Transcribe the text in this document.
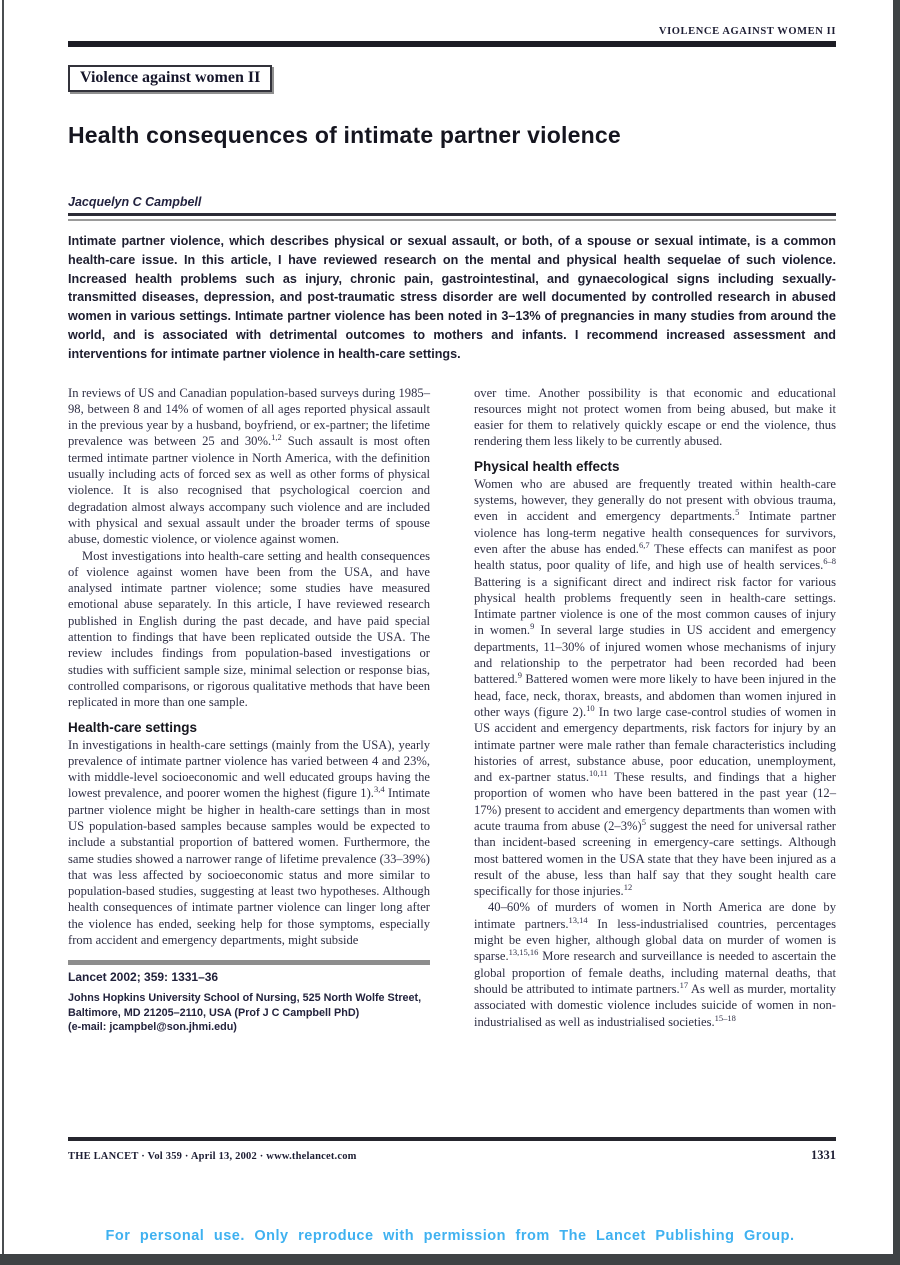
VIOLENCE AGAINST WOMEN II
Violence against women II
Health consequences of intimate partner violence
Jacquelyn C Campbell
Intimate partner violence, which describes physical or sexual assault, or both, of a spouse or sexual intimate, is a common health-care issue. In this article, I have reviewed research on the mental and physical health sequelae of such violence. Increased health problems such as injury, chronic pain, gastrointestinal, and gynaecological signs including sexually-transmitted diseases, depression, and post-traumatic stress disorder are well documented by controlled research in abused women in various settings. Intimate partner violence has been noted in 3–13% of pregnancies in many studies from around the world, and is associated with detrimental outcomes to mothers and infants. I recommend increased assessment and interventions for intimate partner violence in health-care settings.

In reviews of US and Canadian population-based surveys during 1985–98, between 8 and 14% of women of all ages reported physical assault in the previous year by a husband, boyfriend, or ex-partner; the lifetime prevalence was between 25 and 30%.$^{1,2}$ Such assault is most often termed intimate partner violence in North America, with the definition usually including acts of forced sex as well as other forms of physical violence. It is also recognised that psychological coercion and degradation almost always accompany such violence and are included with physical and sexual assault under the broader terms of spouse abuse, domestic violence, or violence against women.

Most investigations into health-care setting and health consequences of violence against women have been from the USA, and have analysed intimate partner violence; some studies have measured emotional abuse separately. In this article, I have reviewed research published in English during the past decade, and have paid special attention to findings that have been replicated outside the USA. The review includes findings from population-based investigations or studies with sufficient sample size, minimal selection or response bias, controlled comparisons, or rigorous qualitative methods that have been replicated in more than one sample.

Health-care settings

In investigations in health-care settings (mainly from the USA), yearly prevalence of intimate partner violence has varied between 4 and 23%, with middle-level socioeconomic and well educated groups having the lowest prevalence, and poorer women the highest (figure 1).$^{3,4}$ Intimate partner violence might be higher in health-care settings than in most US population-based samples because samples would be expected to include a substantial proportion of battered women. Furthermore, the same studies showed a narrower range of lifetime prevalence (33–39%) that was less affected by socioeconomic status and more similar to population-based studies, suggesting at least two hypotheses. Although health consequences of intimate partner violence can linger long after the violence has ended, seeking help for those symptoms, especially from accident and emergency departments, might subside

Lancet 2002; 359: 1331–36
Johns Hopkins University School of Nursing, 525 North Wolfe Street, Baltimore, MD 21205–2110, USA (Prof J C Campbell PhD)
(e-mail: jcampbel@son.jhmi.edu)

over time. Another possibility is that economic and educational resources might not protect women from being abused, but make it easier for them to relatively quickly escape or end the violence, thus rendering them less likely to be currently abused.

Physical health effects

Women who are abused are frequently treated within health-care systems, however, they generally do not present with obvious trauma, even in accident and emergency departments.$^5$ Intimate partner violence has long-term negative health consequences for survivors, even after the abuse has ended.$^{6,7}$ These effects can manifest as poor health status, poor quality of life, and high use of health services.$^{6-8}$ Battering is a significant direct and indirect risk factor for various physical health problems frequently seen in health-care settings. Intimate partner violence is one of the most common causes of injury in women.$^9$ In several large studies in US accident and emergency departments, 11–30% of injured women whose mechanisms of injury and relationship to the perpetrator had been recorded had been battered.$^9$ Battered women were more likely to have been injured in the head, face, neck, thorax, breasts, and abdomen than women injured in other ways (figure 2).$^{10}$ In two large case-control studies of women in US accident and emergency departments, risk factors for injury by an intimate partner were male rather than female characteristics including histories of arrest, substance abuse, poor education, unemployment, and ex-partner status.$^{10,11}$ These results, and findings that a higher proportion of women who have been battered in the past year (12–17%) present to accident and emergency departments than women with acute trauma from abuse $(2-3\%)^5$ suggest the need for universal rather than incident-based screening in emergency-care settings. Although most battered women in the USA state that they have been injured as a result of the abuse, less than half say that they sought health care specifically for those injuries.$^{12}$

40–60% of murders of women in North America are done by intimate partners.$^{13,14}$ In less-industrialised countries, percentages might be even higher, although global data on murder of women is sparse.$^{13,15,16}$ More research and surveillance is needed to ascertain the global proportion of female deaths, including maternal deaths, that should be attributed to intimate partners.$^{17}$ As well as murder, mortality associated with domestic violence includes suicide of women in non-industrialised as well as industrialised societies.$^{15-18}$

THE LANCET · Vol 359 · April 13, 2002 · www.thelancet.com	1331
For personal use. Only reproduce with permission from The Lancet Publishing Group.
